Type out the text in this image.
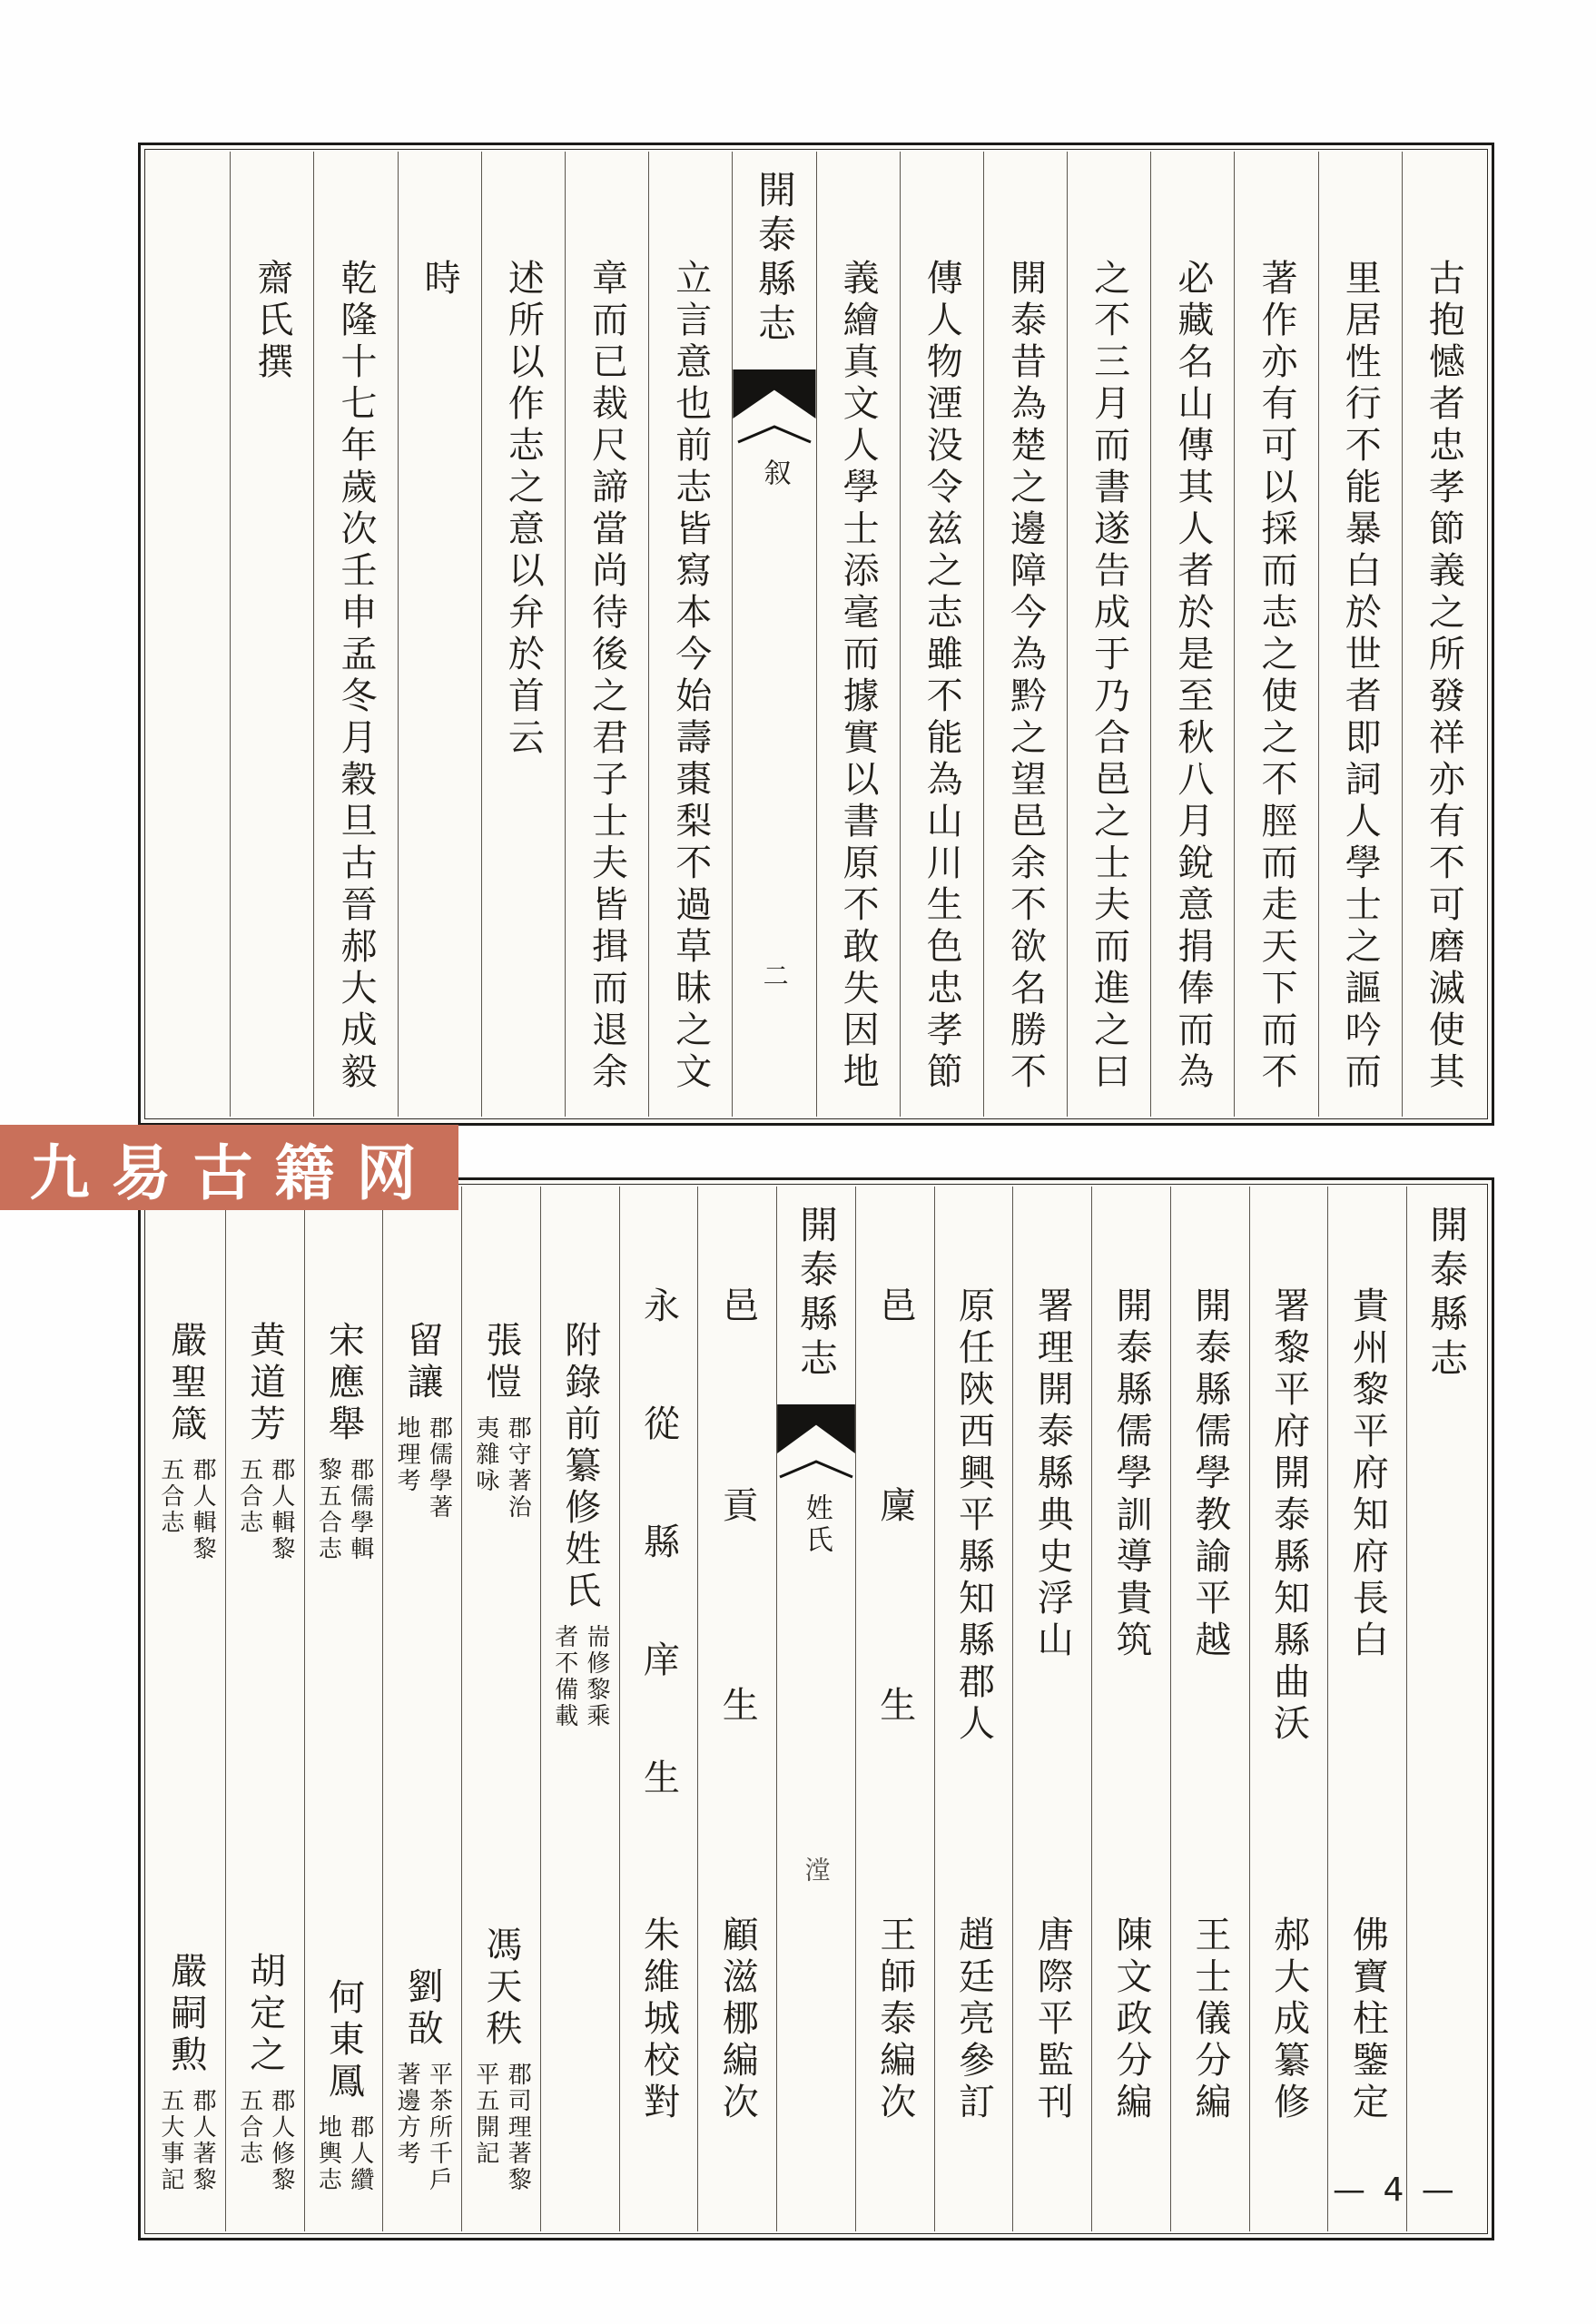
古抱憾者忠孝節義之所發祥亦有不可磨滅使其
里居性行不能暴白於世者即詞人學士之謳吟而
著作亦有可以採而志之使之不脛而走天下而不
必藏名山傳其人者於是至秋八月銳意捐俸而為
之不三月而書遂告成于乃合邑之士夫而進之曰
開泰昔為楚之邊障今為黔之望邑余不欲名勝不
傳人物湮没令兹之志雖不能為山川生色忠孝節
義繪真文人學士添毫而據實以書原不敢失因地
開泰縣志
叙
二
立言意也前志皆寫本今始壽棗梨不過草昧之文
章而已裁尺諦當尚待後之君子士夫皆揖而退余
述所以作志之意以弁於首云
時
乾隆十七年歲次壬申孟冬月穀旦古晉郝大成毅
齋氏撰
開泰縣志
貴州黎平府知府長白
佛寶柱鑒定
署黎平府開泰縣知縣曲沃
郝大成纂修
開泰縣儒學教諭平越
王士儀分編
開泰縣儒學訓導貴筑
陳文政分編
署理開泰縣典史浮山
唐際平監刊
原任陝西興平縣知縣郡人
趙廷亮參訂
邑廩生
王師泰編次
開泰縣志
姓氏
漟
邑貢生
顧滋梛編次
永從縣庠生
朱維城校對
附錄前纂修姓氏
耑修黎乘
者不備載
張愷
郡守著治
夷雜咏
馮天秩
郡司理著黎
平五開記
留讓
郡儒學著
地理考
劉敔
平茶所千戶
著邊方考
宋應舉
郡儒學輯
黎五合志
何東鳳
郡人纘
地輿志
黄道芳
郡人輯黎
五合志
胡定之
郡人修黎
五合志
嚴聖箴
郡人輯黎
五合志
嚴嗣勲
郡人著黎
五大事記
九易古籍网
— 4 —
